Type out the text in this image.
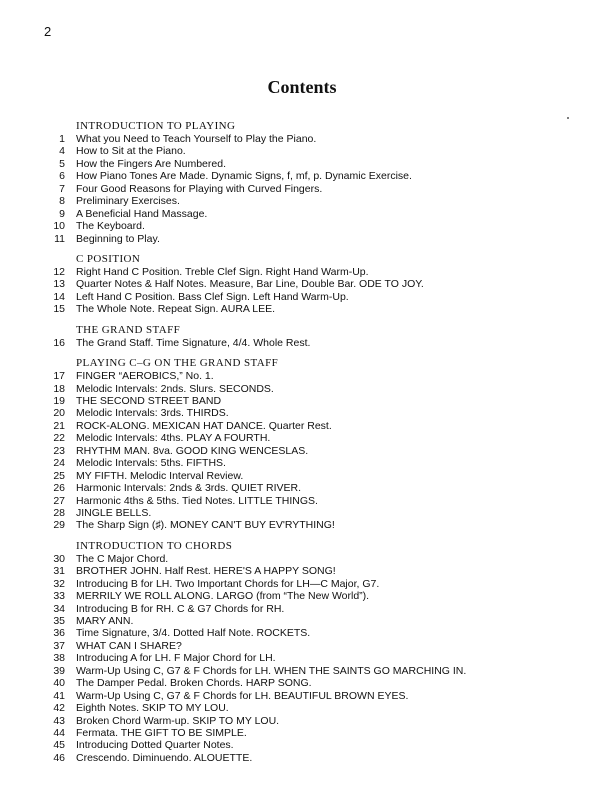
2
Contents
INTRODUCTION TO PLAYING
1	What you Need to Teach Yourself to Play the Piano.
4	How to Sit at the Piano.
5	How the Fingers Are Numbered.
6	How Piano Tones Are Made. Dynamic Signs, f, mf, p. Dynamic Exercise.
7	Four Good Reasons for Playing with Curved Fingers.
8	Preliminary Exercises.
9	A Beneficial Hand Massage.
10	The Keyboard.
11	Beginning to Play.
C POSITION
12	Right Hand C Position. Treble Clef Sign. Right Hand Warm-Up.
13	Quarter Notes & Half Notes. Measure, Bar Line, Double Bar. ODE TO JOY.
14	Left Hand C Position. Bass Clef Sign. Left Hand Warm-Up.
15	The Whole Note. Repeat Sign. AURA LEE.
THE GRAND STAFF
16	The Grand Staff. Time Signature, 4/4. Whole Rest.
PLAYING C–G ON THE GRAND STAFF
17	FINGER “AEROBICS,” No. 1.
18	Melodic Intervals: 2nds. Slurs. SECONDS.
19	THE SECOND STREET BAND
20	Melodic Intervals: 3rds. THIRDS.
21	ROCK-ALONG. MEXICAN HAT DANCE. Quarter Rest.
22	Melodic Intervals: 4ths. PLAY A FOURTH.
23	RHYTHM MAN. 8va. GOOD KING WENCESLAS.
24	Melodic Intervals: 5ths. FIFTHS.
25	MY FIFTH. Melodic Interval Review.
26	Harmonic Intervals: 2nds & 3rds. QUIET RIVER.
27	Harmonic 4ths & 5ths. Tied Notes. LITTLE THINGS.
28	JINGLE BELLS.
29	The Sharp Sign (♯). MONEY CAN'T BUY EV'RYTHING!
INTRODUCTION TO CHORDS
30	The C Major Chord.
31	BROTHER JOHN. Half Rest. HERE'S A HAPPY SONG!
32	Introducing B for LH. Two Important Chords for LH—C Major, G7.
33	MERRILY WE ROLL ALONG. LARGO (from “The New World”).
34	Introducing B for RH. C & G7 Chords for RH.
35	MARY ANN.
36	Time Signature, 3/4. Dotted Half Note. ROCKETS.
37	WHAT CAN I SHARE?
38	Introducing A for LH. F Major Chord for LH.
39	Warm-Up Using C, G7 & F Chords for LH. WHEN THE SAINTS GO MARCHING IN.
40	The Damper Pedal. Broken Chords. HARP SONG.
41	Warm-Up Using C, G7 & F Chords for LH. BEAUTIFUL BROWN EYES.
42	Eighth Notes. SKIP TO MY LOU.
43	Broken Chord Warm-up. SKIP TO MY LOU.
44	Fermata. THE GIFT TO BE SIMPLE.
45	Introducing Dotted Quarter Notes.
46	Crescendo. Diminuendo. ALOUETTE.
